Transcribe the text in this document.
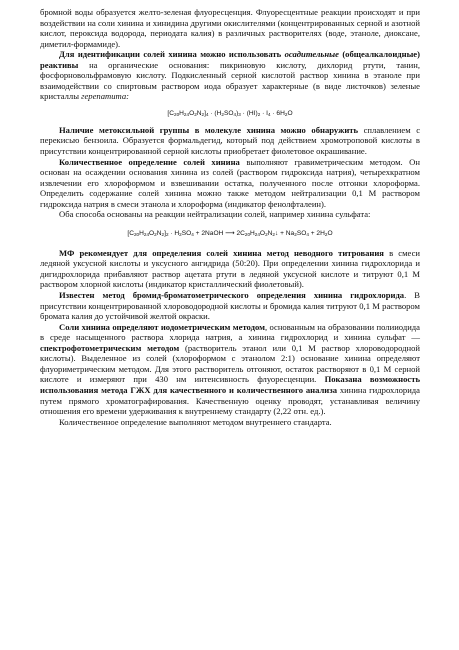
бромной воды образуется желто-зеленая флуоресценция. Флуоресцентные реакции происходят и при воздействии на соли хинина и хинидина другими окислителями (концентрированных серной и азотной кислот, пероксида водорода, периодата калия) в различных растворителях (воде, этаноле, диоксане, диметил-формамиде).

Для идентификации солей хинина можно использовать осадительные (общеалкалоидные) реактивы на органические основания: пикриновую кислоту, дихлорид ртути, танин, фосфорновольфрамовую кислоту. Подкисленный серной кислотой раствор хинина в этаноле при взаимодействии со спиртовым раствором иода образует характерные (в виде листочков) зеленые кристаллы герепатита:

$[C_{20}H_{24}O_2N_2]_4 \cdot (H_2SO_4)_3 \cdot (HI)_2 \cdot I_4 \cdot 6H_2O$

Наличие метоксильной группы в молекуле хинина можно обнаружить сплавлением с перекисью бензоила. Образуется формальдегид, который под действием хромотроповой кислоты в присутствии концентрированной серной кислоты приобретает фиолетовое окрашивание.

Количественное определение солей хинина выполняют гравиметрическим методом. Он основан на осаждении основания хинина из солей (раствором гидроксида натрия), четырехкратном извлечении его хлороформом и взвешивании остатка, полученного после отгонки хлороформа. Определить содержание солей хинина можно также методом нейтрализации 0,1 М раствором гидроксида натрия в смеси этанола и хлороформа (индикатор фенолфталеин).

Оба способа основаны на реакции нейтрализации солей, например хинина сульфата:

$[C_{20}H_{24}O_2N_2]_2 \cdot H_2SO_4$ + 2NaOH ⟶ $2C_{20}H_{24}O_2N_2↓ + Na_2SO_4 + 2H_2O$

МФ рекомендует для определения солей хинина метод неводного титрования в смеси ледяной уксусной кислоты и уксусного ангидрида (50:20). При определении хинина гидрохлорида и дигидрохлорида прибавляют раствор ацетата ртути в ледяной уксусной кислоте и титруют 0,1 М раствором хлорной кислоты (индикатор кристаллический фиолетовый).

Известен метод бромид-броматометрического определения хинина гидрохлорида. В присутствии концентрированной хлороводородной кислоты и бромида калия титруют 0,1 М раствором бромата калия до устойчивой желтой окраски.

Соли хинина определяют иодометрическим методом, основанным на образовании полииодида в среде насыщенного раствора хлорида натрия, а хинина гидрохлорид и хинина сульфат — спектрофотометрическим методом (растворитель этанол или 0,1 М раствор хлороводородной кислоты). Выделенное из солей (хлороформом с этанолом 2:1) основание хинина определяют флуориметрическим методом. Для этого растворитель отгоняют, остаток растворяют в 0,1 М серной кислоте и измеряют при 430 нм интенсивность флуоресценции. Показана возможность использования метода ГЖХ для качественного и количественного анализа хинина гидрохлорида путем прямого хроматографирования. Качественную оценку проводят, устанавливая величину отношения его времени удерживания к внутреннему стандарту (2,22 отн. ед.).

Количественное определение выполняют методом внутреннего стандарта.
